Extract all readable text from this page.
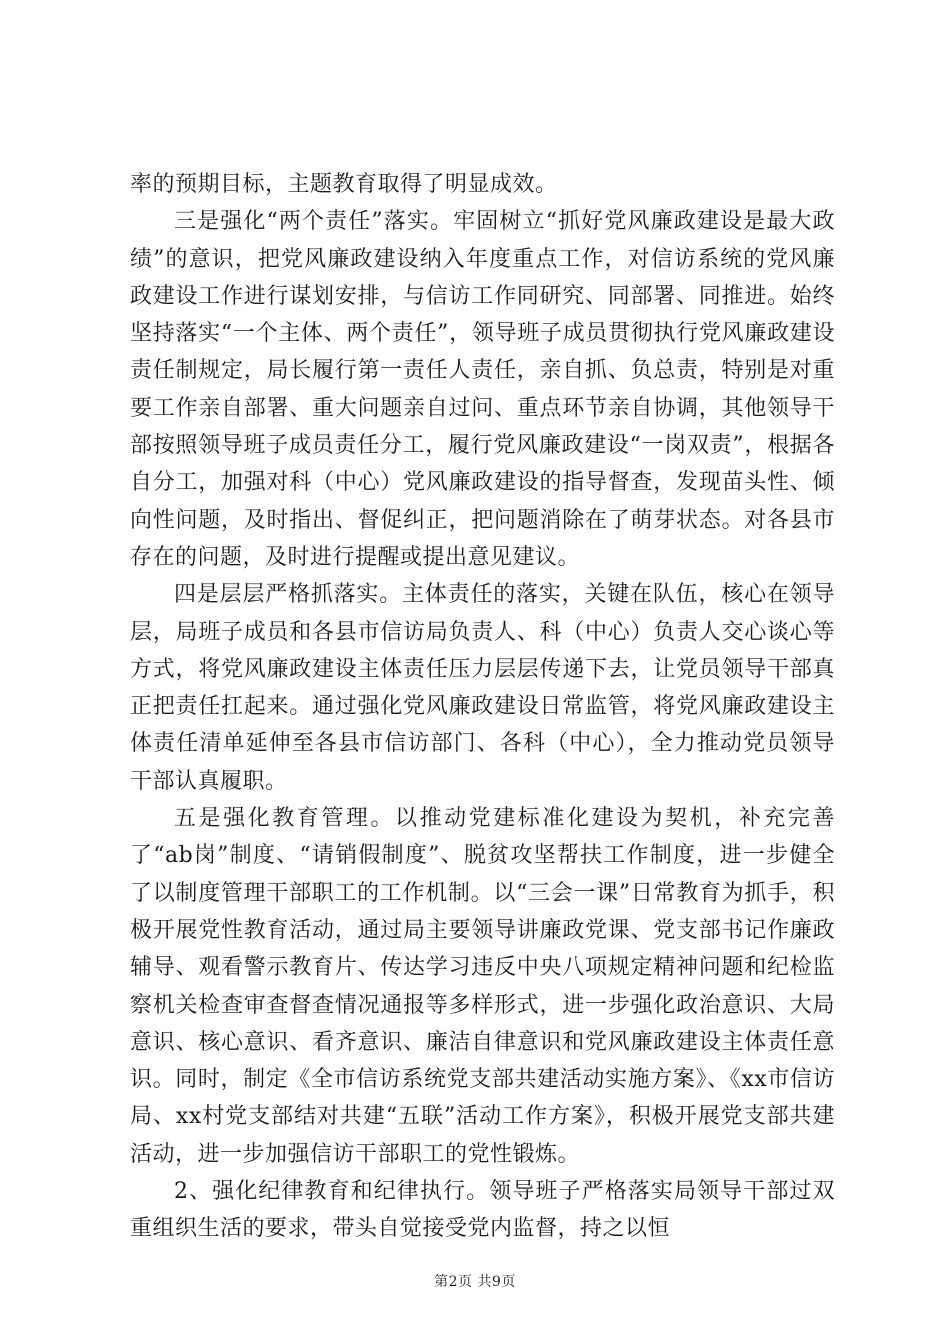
率的预期目标，主题教育取得了明显成效。

三是强化“两个责任”落实。牢固树立“抓好党风廉政建设是最大政绩”的意识，把党风廉政建设纳入年度重点工作，对信访系统的党风廉政建设工作进行谋划安排，与信访工作同研究、同部署、同推进。始终坚持落实“一个主体、两个责任”，领导班子成员贯彻执行党风廉政建设责任制规定，局长履行第一责任人责任，亲自抓、负总责，特别是对重要工作亲自部署、重大问题亲自过问、重点环节亲自协调，其他领导干部按照领导班子成员责任分工，履行党风廉政建设“一岗双责”，根据各自分工，加强对科（中心）党风廉政建设的指导督查，发现苗头性、倾向性问题，及时指出、督促纠正，把问题消除在了萌芽状态。对各县市存在的问题，及时进行提醒或提出意见建议。

四是层层严格抓落实。主体责任的落实，关键在队伍，核心在领导层，局班子成员和各县市信访局负责人、科（中心）负责人交心谈心等方式，将党风廉政建设主体责任压力层层传递下去，让党员领导干部真正把责任扛起来。通过强化党风廉政建设日常监管，将党风廉政建设主体责任清单延伸至各县市信访部门、各科（中心），全力推动党员领导干部认真履职。

五是强化教育管理。以推动党建标准化建设为契机，补充完善了“ab岗”制度、“请销假制度”、脱贫攻坚帮扶工作制度，进一步健全了以制度管理干部职工的工作机制。以“三会一课”日常教育为抓手，积极开展党性教育活动，通过局主要领导讲廉政党课、党支部书记作廉政辅导、观看警示教育片、传达学习违反中央八项规定精神问题和纪检监察机关检查审查督查情况通报等多样形式，进一步强化政治意识、大局意识、核心意识、看齐意识、廉洁自律意识和党风廉政建设主体责任意识。同时，制定《全市信访系统党支部共建活动实施方案》、《xx市信访局、xx村党支部结对共建“五联”活动工作方案》，积极开展党支部共建活动，进一步加强信访干部职工的党性锻炼。

2、强化纪律教育和纪律执行。领导班子严格落实局领导干部过双重组织生活的要求，带头自觉接受党内监督，持之以恒

第2页 共9页
